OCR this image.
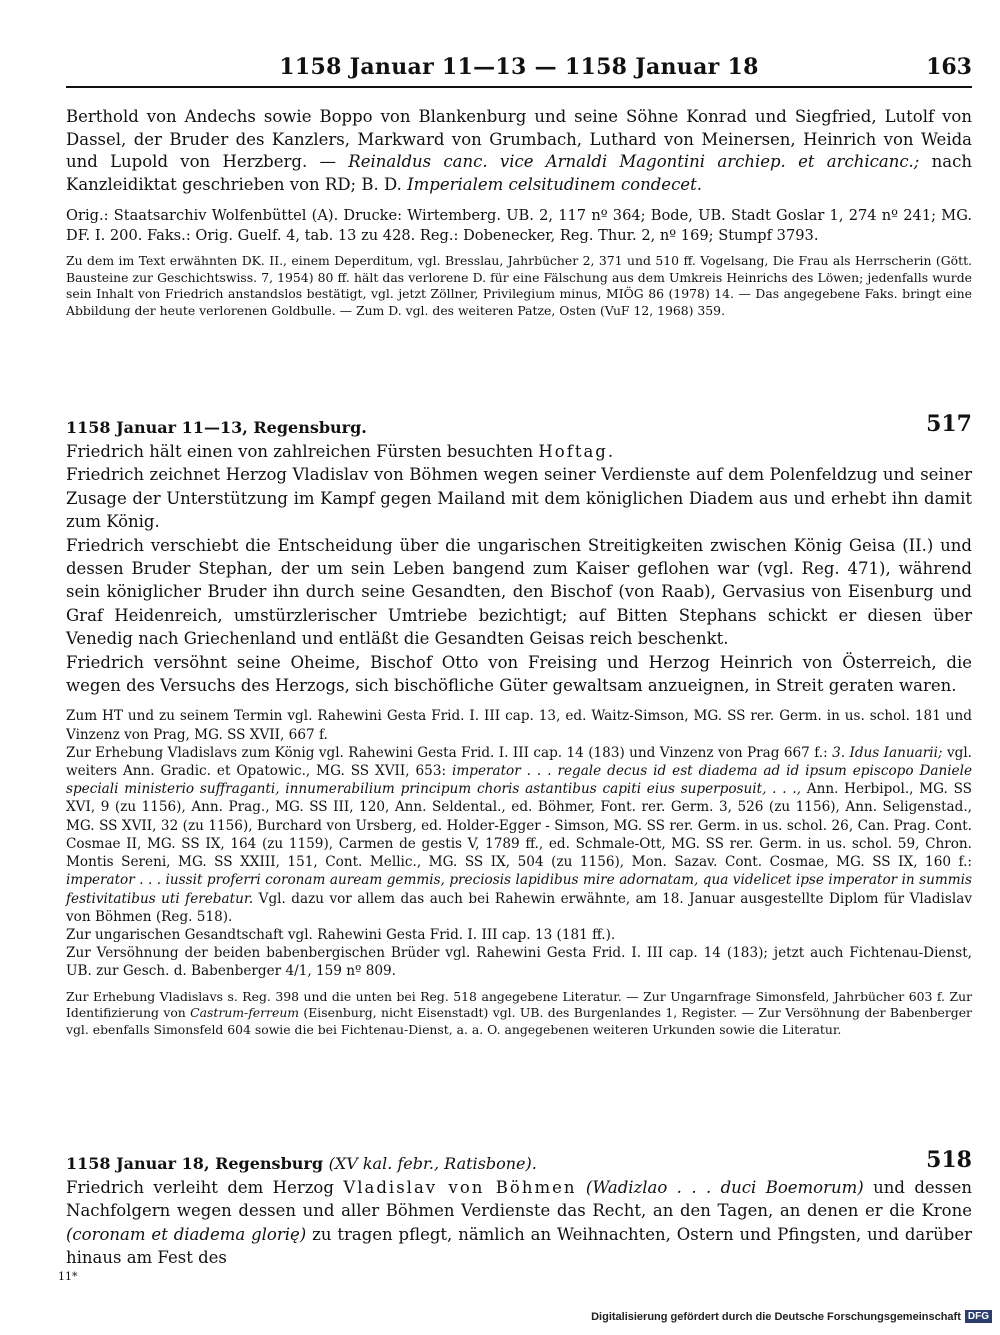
1158 Januar 11—13 — 1158 Januar 18	163

Berthold von Andechs sowie Boppo von Blankenburg und seine Söhne Konrad und Siegfried, Lutolf von Dassel, der Bruder des Kanzlers, Markward von Grumbach, Luthard von Meinersen, Heinrich von Weida und Lupold von Herzberg. — Reinaldus canc. vice Arnaldi Magontini archiep. et archicanc.; nach Kanzleidiktat geschrieben von RD; B. D. Imperialem celsitudinem condecet.

Orig.: Staatsarchiv Wolfenbüttel (A). Drucke: Wirtemberg. UB. 2, 117 nº 364; Bode, UB. Stadt Goslar 1, 274 nº 241; MG. DF. I. 200. Faks.: Orig. Guelf. 4, tab. 13 zu 428. Reg.: Dobenecker, Reg. Thur. 2, nº 169; Stumpf 3793.

Zu dem im Text erwähnten DK. II., einem Deperditum, vgl. Bresslau, Jahrbücher 2, 371 und 510 ff. Vogelsang, Die Frau als Herrscherin (Gött. Bausteine zur Geschichtswiss. 7, 1954) 80 ff. hält das verlorene D. für eine Fälschung aus dem Umkreis Heinrichs des Löwen; jedenfalls wurde sein Inhalt von Friedrich anstandslos bestätigt, vgl. jetzt Zöllner, Privilegium minus, MIÖG 86 (1978) 14. — Das angegebene Faks. bringt eine Abbildung der heute verlorenen Goldbulle. — Zum D. vgl. des weiteren Patze, Osten (VuF 12, 1968) 359.

1158 Januar 11—13, Regensburg.	517

Friedrich hält einen von zahlreichen Fürsten besuchten Hoftag.

Friedrich zeichnet Herzog Vladislav von Böhmen wegen seiner Verdienste auf dem Polenfeldzug und seiner Zusage der Unterstützung im Kampf gegen Mailand mit dem königlichen Diadem aus und erhebt ihn damit zum König.

Friedrich verschiebt die Entscheidung über die ungarischen Streitigkeiten zwischen König Geisa (II.) und dessen Bruder Stephan, der um sein Leben bangend zum Kaiser geflohen war (vgl. Reg. 471), während sein königlicher Bruder ihn durch seine Gesandten, den Bischof (von Raab), Gervasius von Eisenburg und Graf Heidenreich, umstürzlerischer Umtriebe bezichtigt; auf Bitten Stephans schickt er diesen über Venedig nach Griechenland und entläßt die Gesandten Geisas reich beschenkt.

Friedrich versöhnt seine Oheime, Bischof Otto von Freising und Herzog Heinrich von Österreich, die wegen des Versuchs des Herzogs, sich bischöfliche Güter gewaltsam anzueignen, in Streit geraten waren.

Zum HT und zu seinem Termin vgl. Rahewini Gesta Frid. I. III cap. 13, ed. Waitz-Simson, MG. SS rer. Germ. in us. schol. 181 und Vinzenz von Prag, MG. SS XVII, 667 f.

Zur Erhebung Vladislavs zum König vgl. Rahewini Gesta Frid. I. III cap. 14 (183) und Vinzenz von Prag 667 f.: 3. Idus Ianuarii; vgl. weiters Ann. Gradic. et Opatowic., MG. SS XVII, 653: imperator . . . regale decus id est diadema ad id ipsum episcopo Daniele speciali ministerio suffraganti, innumerabilium principum choris astantibus capiti eius superposuit, . . ., Ann. Herbipol., MG. SS XVI, 9 (zu 1156), Ann. Prag., MG. SS III, 120, Ann. Seldental., ed. Böhmer, Font. rer. Germ. 3, 526 (zu 1156), Ann. Seligenstad., MG. SS XVII, 32 (zu 1156), Burchard von Ursberg, ed. Holder-Egger - Simson, MG. SS rer. Germ. in us. schol. 26, Can. Prag. Cont. Cosmae II, MG. SS IX, 164 (zu 1159), Carmen de gestis V, 1789 ff., ed. Schmale-Ott, MG. SS rer. Germ. in us. schol. 59, Chron. Montis Sereni, MG. SS XXIII, 151, Cont. Mellic., MG. SS IX, 504 (zu 1156), Mon. Sazav. Cont. Cosmae, MG. SS IX, 160 f.: imperator . . . iussit proferri coronam auream gemmis, preciosis lapidibus mire adornatam, qua videlicet ipse imperator in summis festivitatibus uti ferebatur. Vgl. dazu vor allem das auch bei Rahewin erwähnte, am 18. Januar ausgestellte Diplom für Vladislav von Böhmen (Reg. 518).

Zur ungarischen Gesandtschaft vgl. Rahewini Gesta Frid. I. III cap. 13 (181 ff.).

Zur Versöhnung der beiden babenbergischen Brüder vgl. Rahewini Gesta Frid. I. III cap. 14 (183); jetzt auch Fichtenau-Dienst, UB. zur Gesch. d. Babenberger 4/1, 159 nº 809.

Zur Erhebung Vladislavs s. Reg. 398 und die unten bei Reg. 518 angegebene Literatur. — Zur Ungarnfrage Simonsfeld, Jahrbücher 603 f. Zur Identifizierung von Castrum-ferreum (Eisenburg, nicht Eisenstadt) vgl. UB. des Burgenlandes 1, Register. — Zur Versöhnung der Babenberger vgl. ebenfalls Simonsfeld 604 sowie die bei Fichtenau-Dienst, a. a. O. angegebenen weiteren Urkunden sowie die Literatur.

1158 Januar 18, Regensburg (XV kal. febr., Ratisbone).	518

Friedrich verleiht dem Herzog Vladislav von Böhmen (Wadizlao . . . duci Boemorum) und dessen Nachfolgern wegen dessen und aller Böhmen Verdienste das Recht, an den Tagen, an denen er die Krone (coronam et diadema glorię) zu tragen pflegt, nämlich an Weihnachten, Ostern und Pfingsten, und darüber hinaus am Fest des

11*
Digitalisierung gefördert durch die Deutsche Forschungsgemeinschaft DFG
